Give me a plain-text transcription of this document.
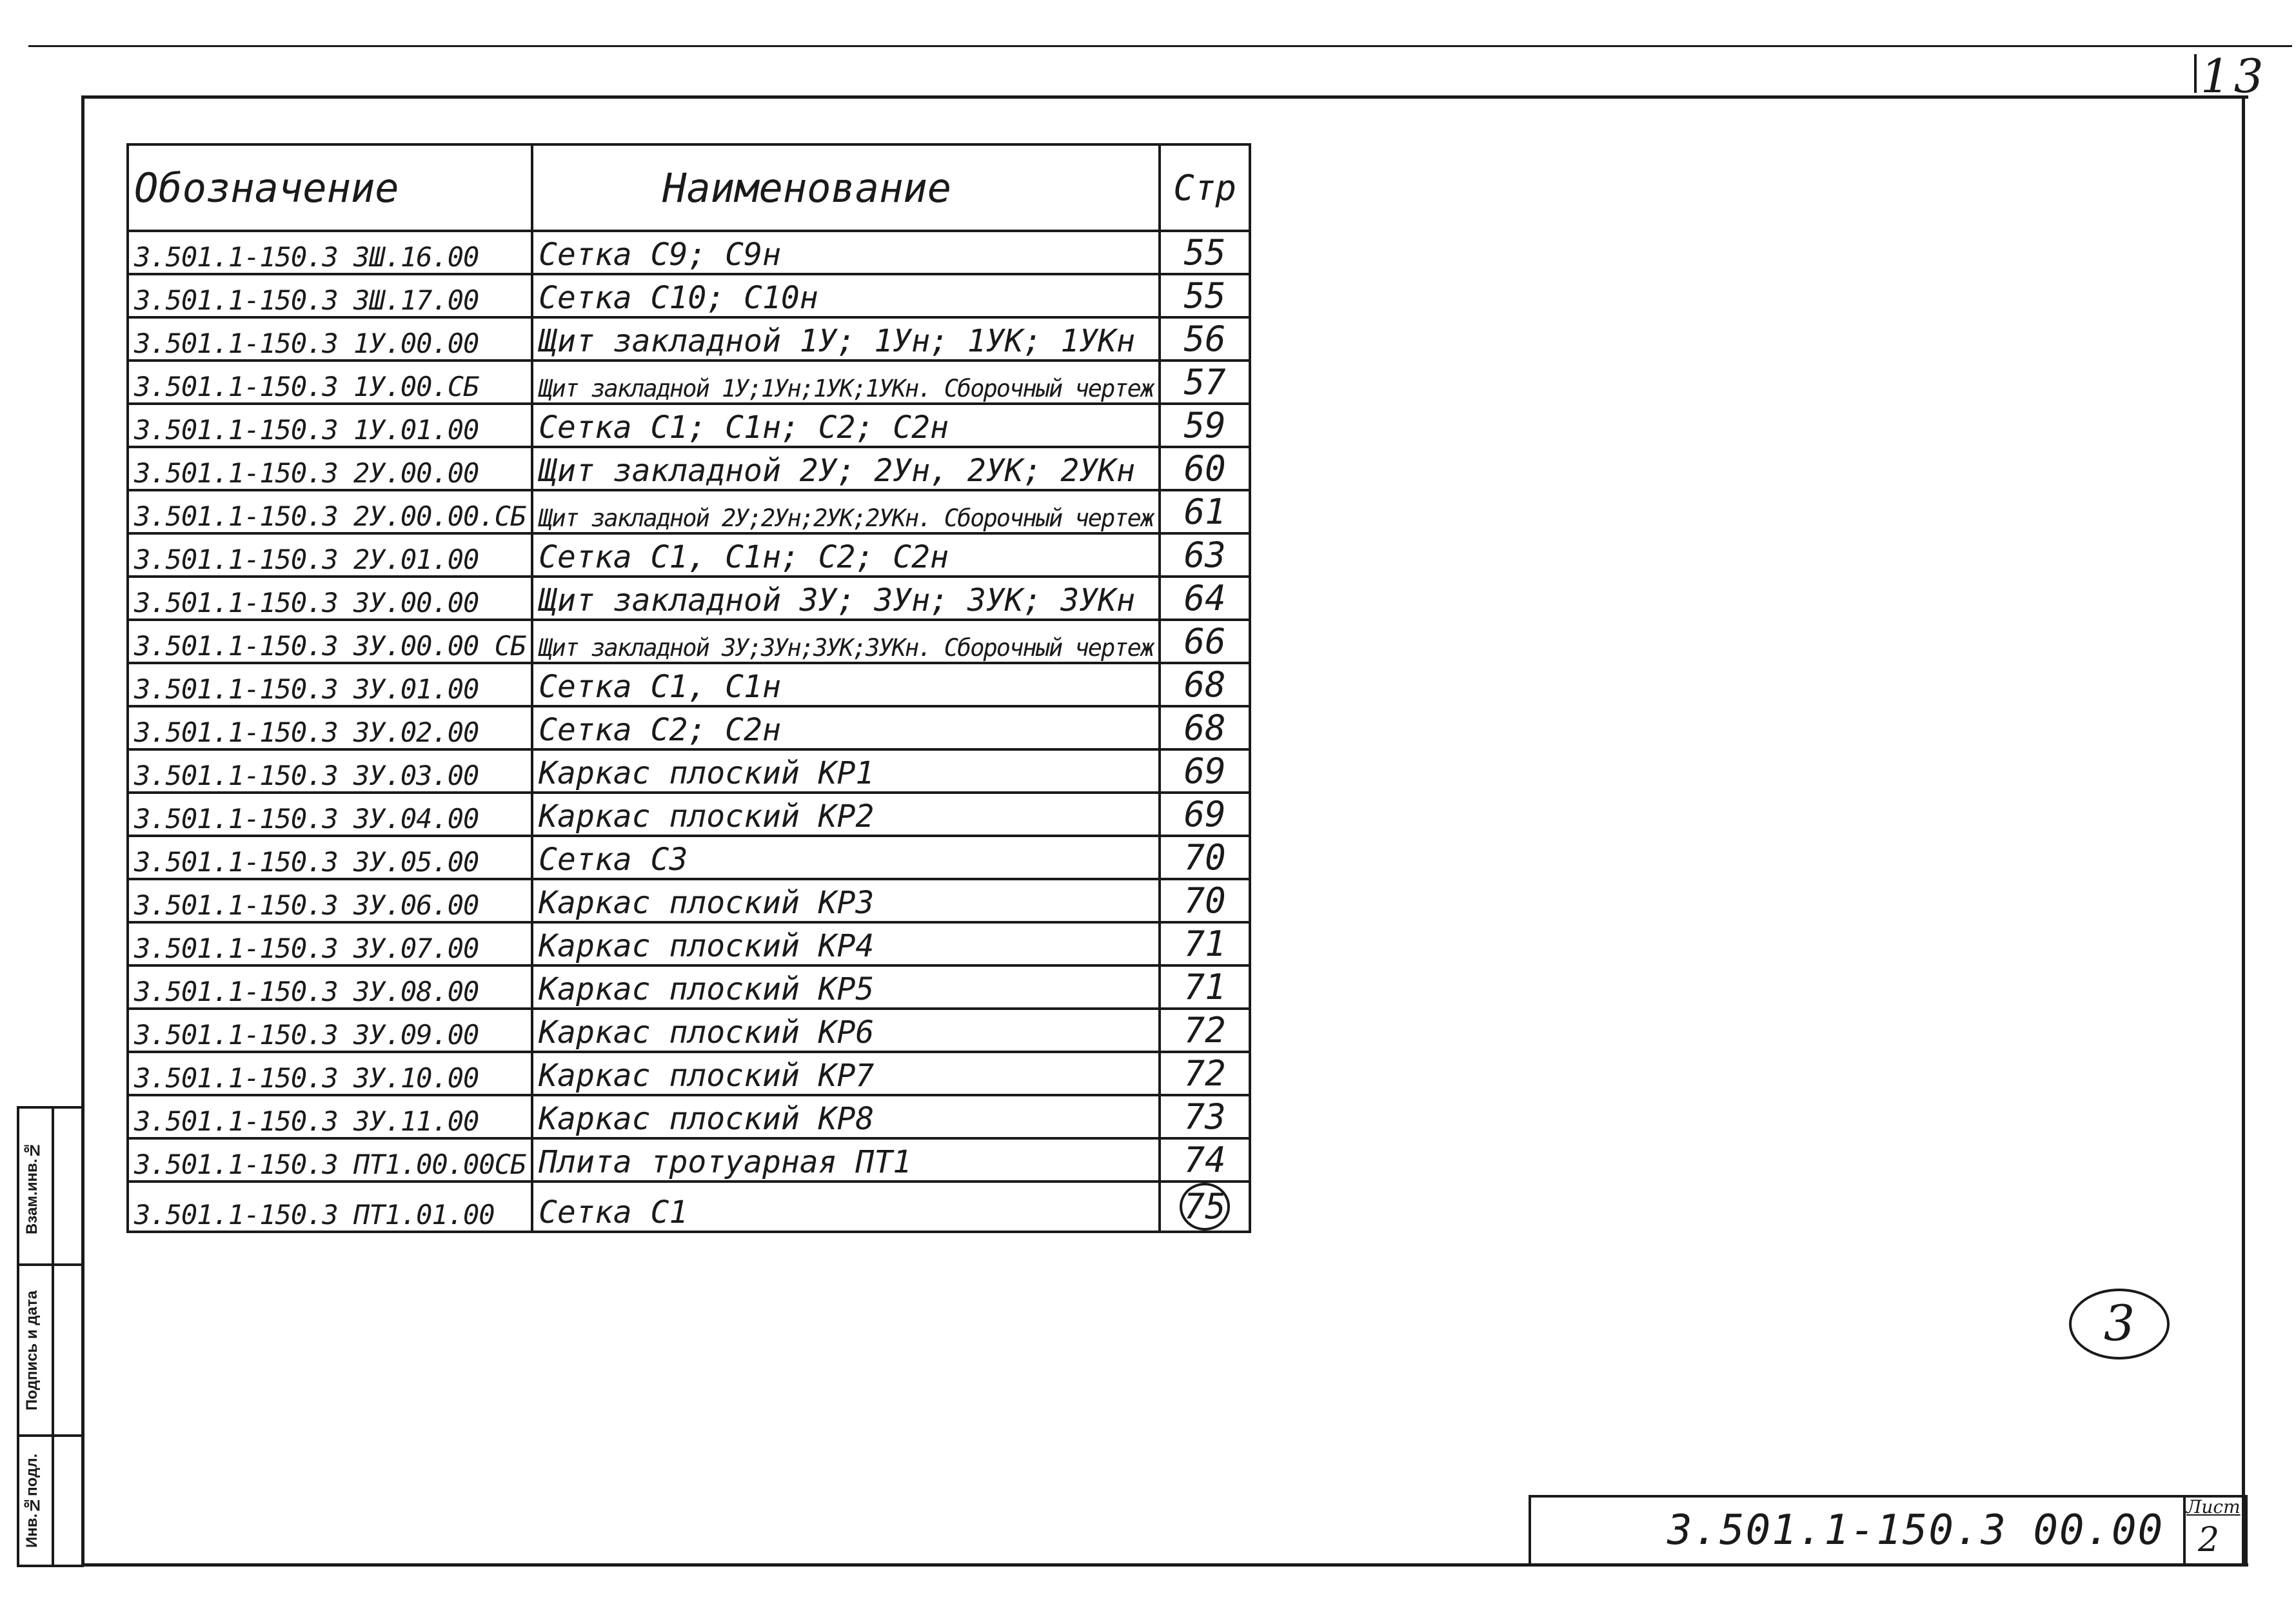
13
Обозначение	Наименование	Стр
3.501.1-150.3 3Ш.16.00	Сетка С9; С9н	55
3.501.1-150.3 3Ш.17.00	Сетка С10; С10н	55
3.501.1-150.3 1У.00.00	Щит закладной 1У; 1Ун; 1УК; 1УКн	56
3.501.1-150.3 1У.00.СБ	Щит закладной 1У;1Ун;1УК;1УКн. Сборочный чертеж	57
3.501.1-150.3 1У.01.00	Сетка С1; С1н; С2; С2н	59
3.501.1-150.3 2У.00.00	Щит закладной 2У; 2Ун, 2УК; 2УКн	60
3.501.1-150.3 2У.00.00.СБ	Щит закладной 2У;2Ун;2УК;2УКн. Сборочный чертеж	61
3.501.1-150.3 2У.01.00	Сетка С1, С1н; С2; С2н	63
3.501.1-150.3 3У.00.00	Щит закладной 3У; 3Ун; 3УК; 3УКн	64
3.501.1-150.3 3У.00.00 СБ	Щит закладной 3У;3Ун;3УК;3УКн. Сборочный чертеж	66
3.501.1-150.3 3У.01.00	Сетка С1, С1н	68
3.501.1-150.3 3У.02.00	Сетка С2; С2н	68
3.501.1-150.3 3У.03.00	Каркас плоский КР1	69
3.501.1-150.3 3У.04.00	Каркас плоский КР2	69
3.501.1-150.3 3У.05.00	Сетка С3	70
3.501.1-150.3 3У.06.00	Каркас плоский КР3	70
3.501.1-150.3 3У.07.00	Каркас плоский КР4	71
3.501.1-150.3 3У.08.00	Каркас плоский КР5	71
3.501.1-150.3 3У.09.00	Каркас плоский КР6	72
3.501.1-150.3 3У.10.00	Каркас плоский КР7	72
3.501.1-150.3 3У.11.00	Каркас плоский КР8	73
3.501.1-150.3 ПТ1.00.00СБ	Плита тротуарная ПТ1	74
3.501.1-150.3 ПТ1.01.00	Сетка С1	75
3
3.501.1-150.3 00.00 Лист
2
Взам.инв.№
Подпись и дата
Инв.№подл.
